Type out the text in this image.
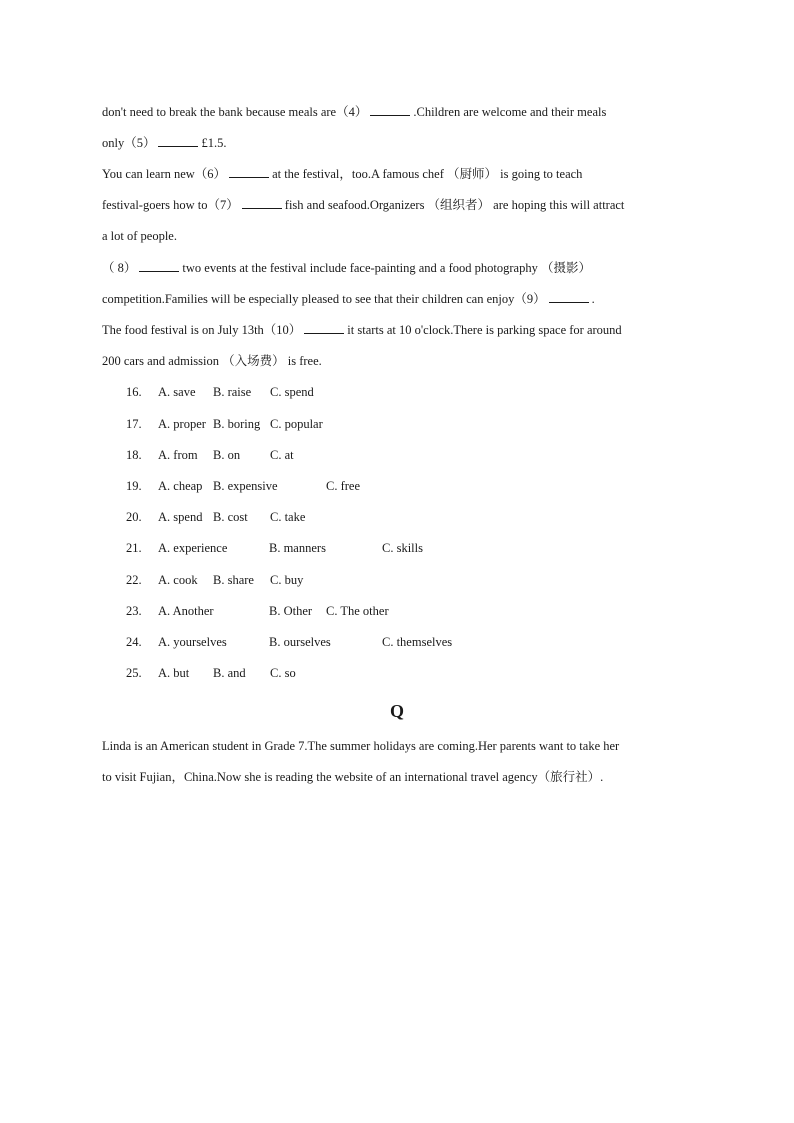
don't need to break the bank because meals are（4）	.Children are welcome and their meals
only（5）	£1.5.
You can learn new（6）	at the festival，too.A famous chef （厨师） is going to teach
festival-goers how to（7）	fish and seafood.Organizers （组织者） are hoping this will attract
a lot of people.
（ 8）	two events at the festival include face-painting and a food photography （摄影）
competition.Families will be especially pleased to see that their children can enjoy（9）	.
The food festival is on July 13th（10）	it starts at 10 o'clock.There is parking space for around
200 cars and admission （入场费） is free.
16. A. save B. raise C. spend
17. A. proper B. boring C. popular
18. A. from B. on C. at
19. A. cheap B. expensive	C. free
20. A. spend B. cost C. take
21. A. experience	B. manners	C. skills
22. A. cook B. share C. buy
23. A. Another	B. Other C. The other
24. A. yourselves	B. ourselves	C. themselves
25. A. but B. and C. so
Q
Linda is an American student in Grade 7.The summer holidays are coming.Her parents want to take her
to visit Fujian，China.Now she is reading the website of an international travel agency（旅行社）.
